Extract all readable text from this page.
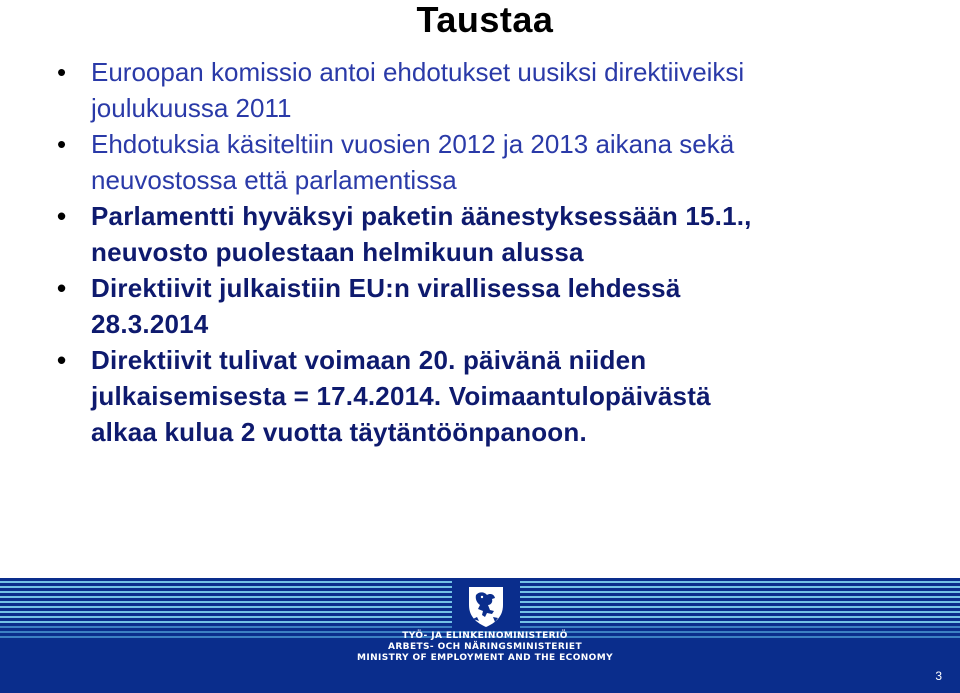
Taustaa
• Euroopan komissio antoi ehdotukset uusiksi direktiiveiksi
joulukuussa 2011
• Ehdotuksia käsiteltiin vuosien 2012 ja 2013 aikana sekä
neuvostossa että parlamentissa
• Parlamentti hyväksyi paketin äänestyksessään 15.1.,
neuvosto puolestaan helmikuun alussa
• Direktiivit julkaistiin EU:n virallisessa lehdessä
28.3.2014
• Direktiivit tulivat voimaan 20. päivänä niiden
julkaisemisesta = 17.4.2014. Voimaantulopäivästä
alkaa kulua 2 vuotta täytäntöönpanoon.
TYÖ- JA ELINKEINOMINISTERIÖ
ARBETS- OCH NÄRINGSMINISTERIET
MINISTRY OF EMPLOYMENT AND THE ECONOMY
3
